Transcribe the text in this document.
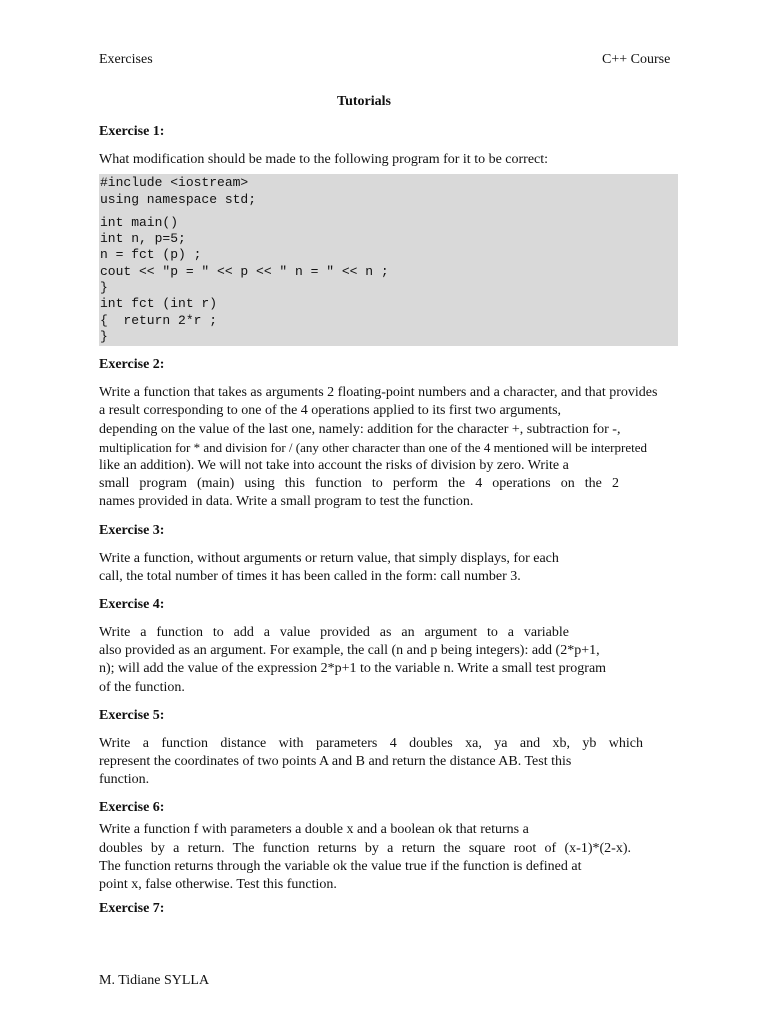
Exercises	C++ Course
Tutorials
Exercise 1:
What modification should be made to the following program for it to be correct:
#include <iostream>
using namespace std;
int main()
int n, p=5;
n = fct (p) ;
cout << "p = " << p << " n = " << n ;
}
int fct (int r)
{  return 2*r ;
}
Exercise 2:
Write a function that takes as arguments 2 floating-point numbers and a character, and that provides
a result corresponding to one of the 4 operations applied to its first two arguments,
depending on the value of the last one, namely: addition for the character +, subtraction for -,
multiplication for * and division for / (any other character than one of the 4 mentioned will be interpreted
like an addition). We will not take into account the risks of division by zero. Write a
small program (main) using this function to perform the 4 operations on the 2
names provided in data. Write a small program to test the function.
Exercise 3:
Write a function, without arguments or return value, that simply displays, for each
call, the total number of times it has been called in the form: call number 3.
Exercise 4:
Write a function to add a value provided as an argument to a variable
also provided as an argument. For example, the call (n and p being integers): add (2*p+1,
n); will add the value of the expression 2*p+1 to the variable n. Write a small test program
of the function.
Exercise 5:
Write a function distance with parameters 4 doubles xa, ya and xb, yb which
represent the coordinates of two points A and B and return the distance AB. Test this
function.
Exercise 6:
Write a function f with parameters a double x and a boolean ok that returns a
doubles by a return. The function returns by a return the square root of (x-1)*(2-x).
The function returns through the variable ok the value true if the function is defined at
point x, false otherwise. Test this function.
Exercise 7:
M. Tidiane SYLLA
